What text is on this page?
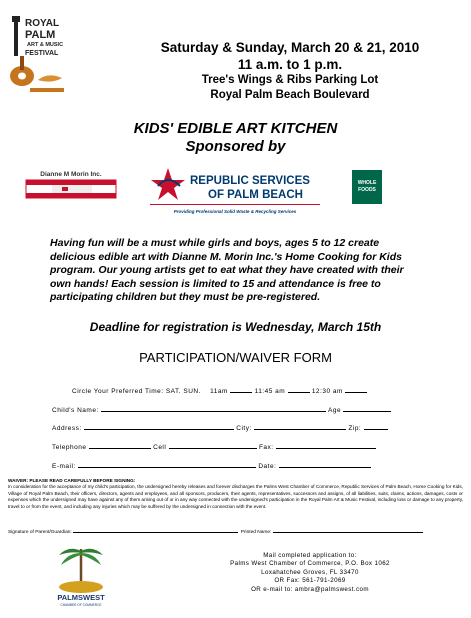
ROYAL
PALM
ART & MUSIC
FESTIVAL	Saturday & Sunday, March 20 & 21, 2010
11 a.m. to 1 p.m.
Tree's Wings & Ribs Parking Lot
Royal Palm Beach Boulevard
KIDS' EDIBLE ART KITCHEN
Sponsored by
Dianne M Morin Inc.
REPUBLIC SERVICES
OF PALM BEACH
Providing Professional Solid Waste & Recycling Services
WHOLE
FOODS
Having fun will be a must while girls and boys, ages 5 to 12 create delicious edible art with Dianne M. Morin Inc.'s Home Cooking for Kids program. Our young artists get to eat what they have created with their own hands! Each session is limited to 15 and attendance is free to participating children but they must be pre-registered.
Deadline for registration is Wednesday, March 15th
PARTICIPATION/WAIVER FORM
Circle Your Preferred Time: SAT. SUN. 11am	11:45 am	12:30 am
Child's Name:	Age
Address:	City:	Zip:
Telephone	Cell	Fax:
E-mail:	Date:
WAIVER: PLEASE READ CAREFULLY BEFORE SIGNING:
In consideration for the acceptance of my child's participation, the undersigned hereby releases and forever discharges the Palms West Chamber of Commerce, Republic Services of Palm Beach, Home Cooking for Kids, Village of Royal Palm Beach, their officers, directors, agents and employees, and all sponsors, producers, their agents, representatives, successors and assigns, of all liabilities, suits, claims, actions, damages, costs or expenses which the undersigned may have against any of them arising out of or in any way connected with the undersigned's participation in the Royal Palm Art & Music Festival, including loss or damage to any property, travel to or from the event, and including any injuries which may be suffered by the undersigned in connection with the event.
Signature of Parent/Guardian:	Printed Name:
PALMSWEST
CHAMBER OF COMMERCE
Mail completed application to:
Palms West Chamber of Commerce, P.O. Box 1062
Loxahatchee Groves, FL 33470
OR Fax: 561-791-2069
OR e-mail to: ambra@palmswest.com
